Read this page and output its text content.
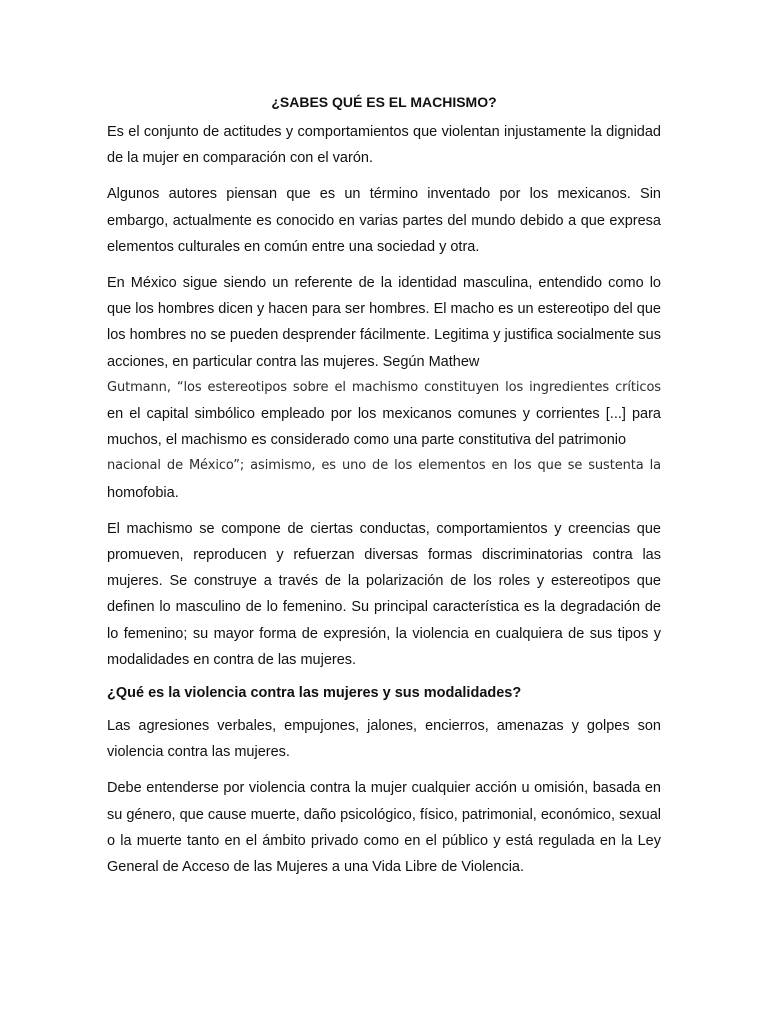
¿SABES QUÉ ES EL MACHISMO?

Es el conjunto de actitudes y comportamientos que violentan injustamente la dignidad de la mujer en comparación con el varón.

Algunos autores piensan que es un término inventado por los mexicanos. Sin embargo, actualmente es conocido en varias partes del mundo debido a que expresa elementos culturales en común entre una sociedad y otra.

En México sigue siendo un referente de la identidad masculina, entendido como lo que los hombres dicen y hacen para ser hombres. El macho es un estereotipo del que los hombres no se pueden desprender fácilmente. Legitima y justifica socialmente sus acciones, en particular contra las mujeres. Según Mathew
Gutmann, “los estereotipos sobre el machismo constituyen los ingredientes críticos
en el capital simbólico empleado por los mexicanos comunes y corrientes [...] para muchos, el machismo es considerado como una parte constitutiva del patrimonio
nacional de México”; asimismo, es uno de los elementos en los que se sustenta la
homofobia.

El machismo se compone de ciertas conductas, comportamientos y creencias que promueven, reproducen y refuerzan diversas formas discriminatorias contra las mujeres. Se construye a través de la polarización de los roles y estereotipos que definen lo masculino de lo femenino. Su principal característica es la degradación de lo femenino; su mayor forma de expresión, la violencia en cualquiera de sus tipos y modalidades en contra de las mujeres.

¿Qué es la violencia contra las mujeres y sus modalidades?

Las agresiones verbales, empujones, jalones, encierros, amenazas y golpes son violencia contra las mujeres.

Debe entenderse por violencia contra la mujer cualquier acción u omisión, basada en su género, que cause muerte, daño psicológico, físico, patrimonial, económico, sexual o la muerte tanto en el ámbito privado como en el público y está regulada en la Ley General de Acceso de las Mujeres a una Vida Libre de Violencia.
